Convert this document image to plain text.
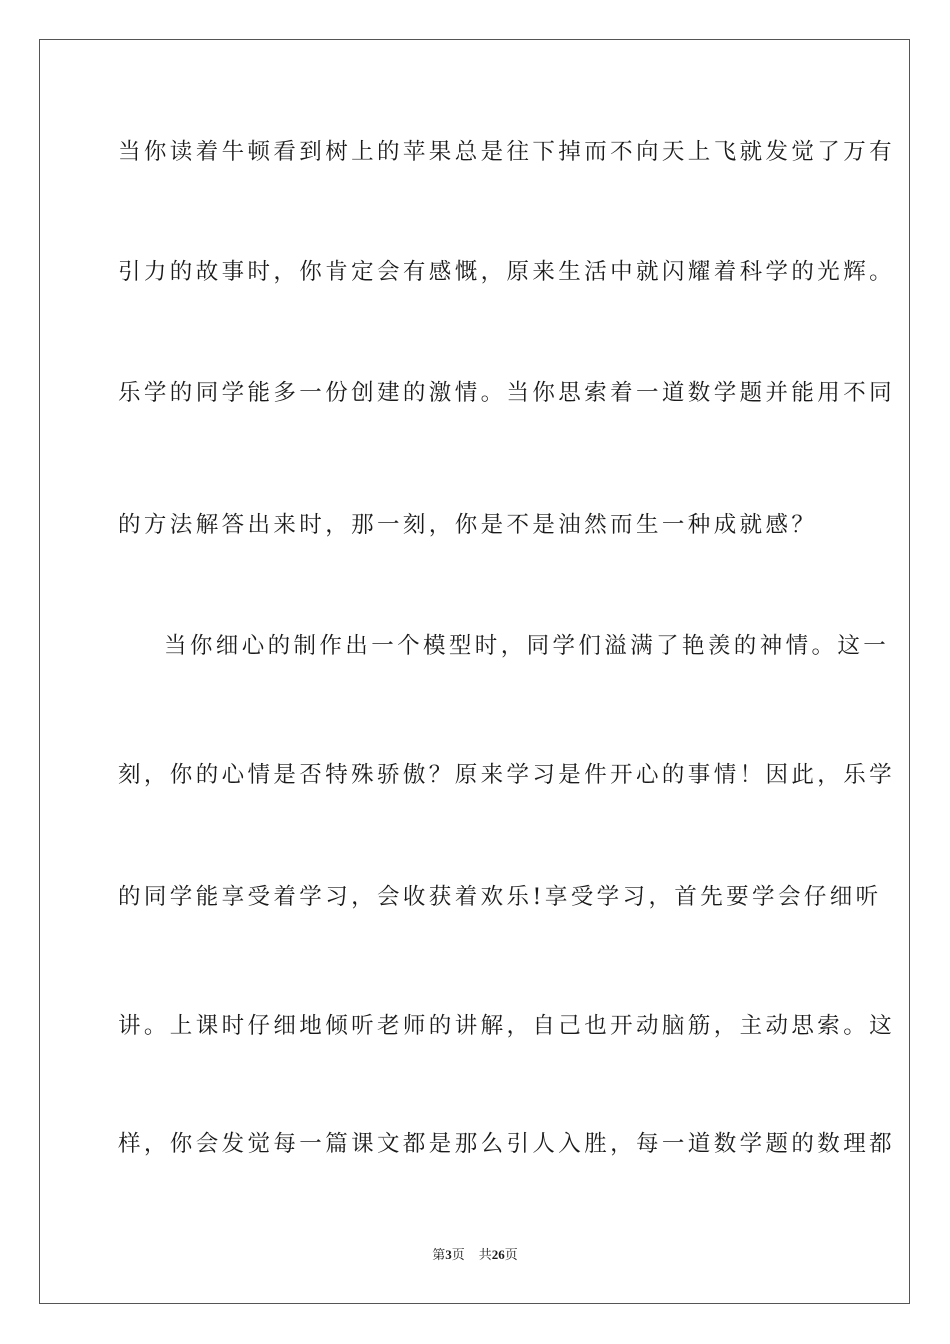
当你读着牛顿看到树上的苹果总是往下掉而不向天上飞就发觉了万有
引力的故事时，你肯定会有感慨，原来生活中就闪耀着科学的光辉。
乐学的同学能多一份创建的激情。当你思索着一道数学题并能用不同
的方法解答出来时，那一刻，你是不是油然而生一种成就感？
当你细心的制作出一个模型时，同学们溢满了艳羡的神情。这一
刻，你的心情是否特殊骄傲？原来学习是件开心的事情！因此，乐学
的同学能享受着学习，会收获着欢乐!享受学习，首先要学会仔细听
讲。上课时仔细地倾听老师的讲解，自己也开动脑筋，主动思索。这
样，你会发觉每一篇课文都是那么引人入胜，每一道数学题的数理都
第3页 共26页
